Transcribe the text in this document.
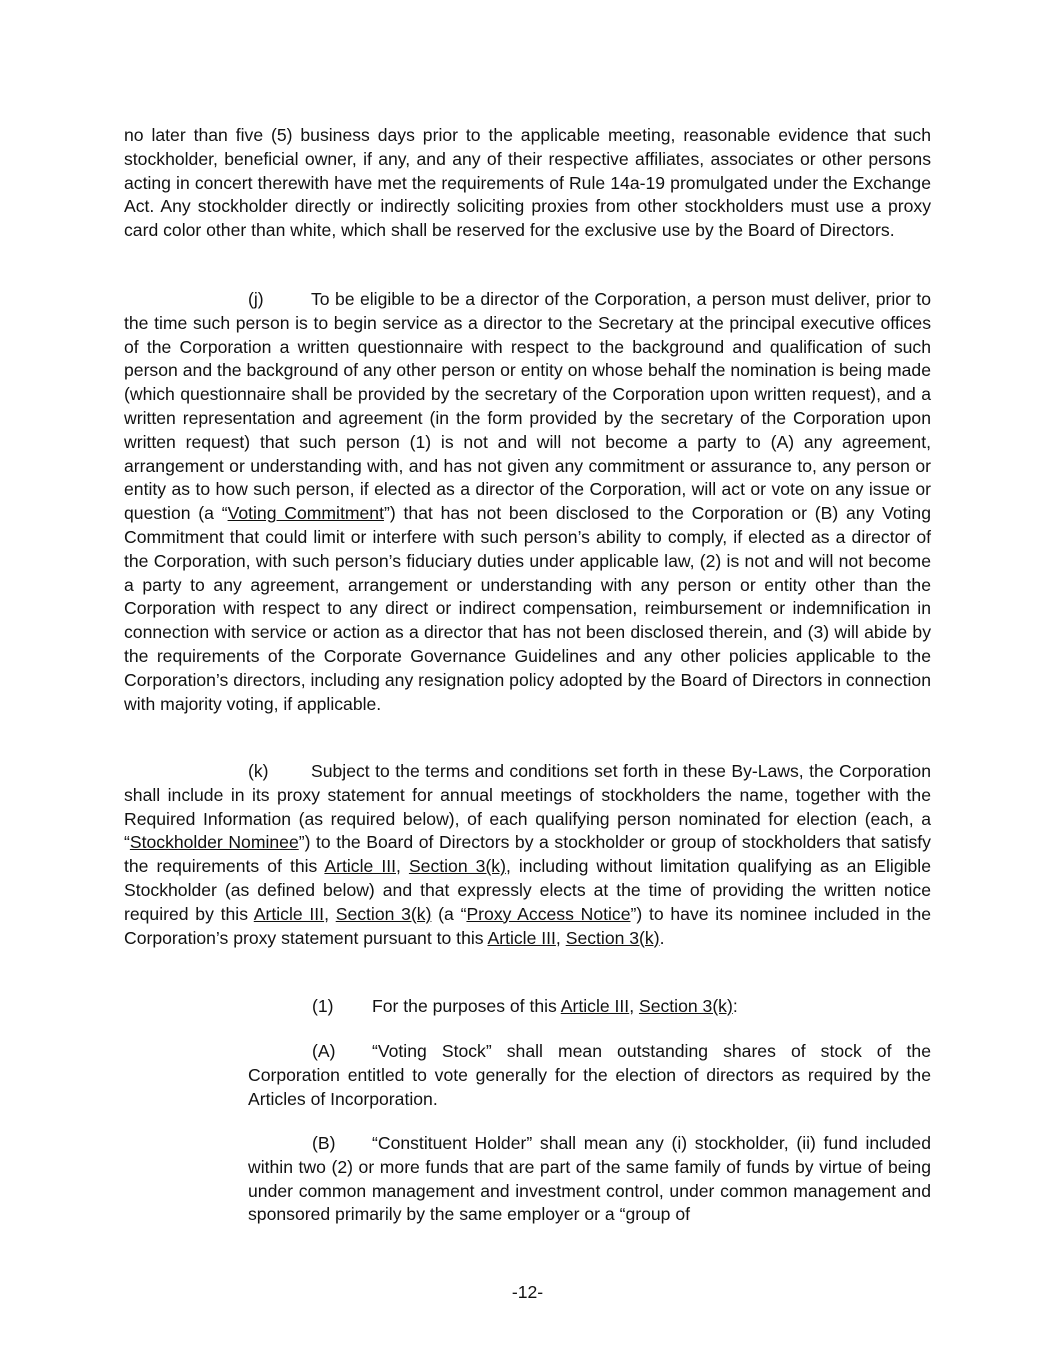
no later than five (5) business days prior to the applicable meeting, reasonable evidence that such stockholder, beneficial owner, if any, and any of their respective affiliates, associates or other persons acting in concert therewith have met the requirements of Rule 14a-19 promulgated under the Exchange Act. Any stockholder directly or indirectly soliciting proxies from other stockholders must use a proxy card color other than white, which shall be reserved for the exclusive use by the Board of Directors.

(j)	To be eligible to be a director of the Corporation, a person must deliver, prior to the time such person is to begin service as a director to the Secretary at the principal executive offices of the Corporation a written questionnaire with respect to the background and qualification of such person and the background of any other person or entity on whose behalf the nomination is being made (which questionnaire shall be provided by the secretary of the Corporation upon written request), and a written representation and agreement (in the form provided by the secretary of the Corporation upon written request) that such person (1) is not and will not become a party to (A) any agreement, arrangement or understanding with, and has not given any commitment or assurance to, any person or entity as to how such person, if elected as a director of the Corporation, will act or vote on any issue or question (a “Voting Commitment”) that has not been disclosed to the Corporation or (B) any Voting Commitment that could limit or interfere with such person’s ability to comply, if elected as a director of the Corporation, with such person’s fiduciary duties under applicable law, (2) is not and will not become a party to any agreement, arrangement or understanding with any person or entity other than the Corporation with respect to any direct or indirect compensation, reimbursement or indemnification in connection with service or action as a director that has not been disclosed therein, and (3) will abide by the requirements of the Corporate Governance Guidelines and any other policies applicable to the Corporation’s directors, including any resignation policy adopted by the Board of Directors in connection with majority voting, if applicable.

(k) Subject to the terms and conditions set forth in these By-Laws, the Corporation shall include in its proxy statement for annual meetings of stockholders the name, together with the Required Information (as required below), of each qualifying person nominated for election (each, a “Stockholder Nominee”) to the Board of Directors by a stockholder or group of stockholders that satisfy the requirements of this Article III, Section 3(k), including without limitation qualifying as an Eligible Stockholder (as defined below) and that expressly elects at the time of providing the written notice required by this Article III, Section 3(k) (a “Proxy Access Notice”) to have its nominee included in the Corporation’s proxy statement pursuant to this Article III, Section 3(k).

(1) For the purposes of this Article III, Section 3(k):

(A) “Voting Stock” shall mean outstanding shares of stock of the Corporation entitled to vote generally for the election of directors as required by the Articles of Incorporation.

(B) “Constituent Holder” shall mean any (i) stockholder, (ii) fund included within two (2) or more funds that are part of the same family of funds by virtue of being under common management and investment control, under common management and sponsored primarily by the same employer or a “group of

-12-
